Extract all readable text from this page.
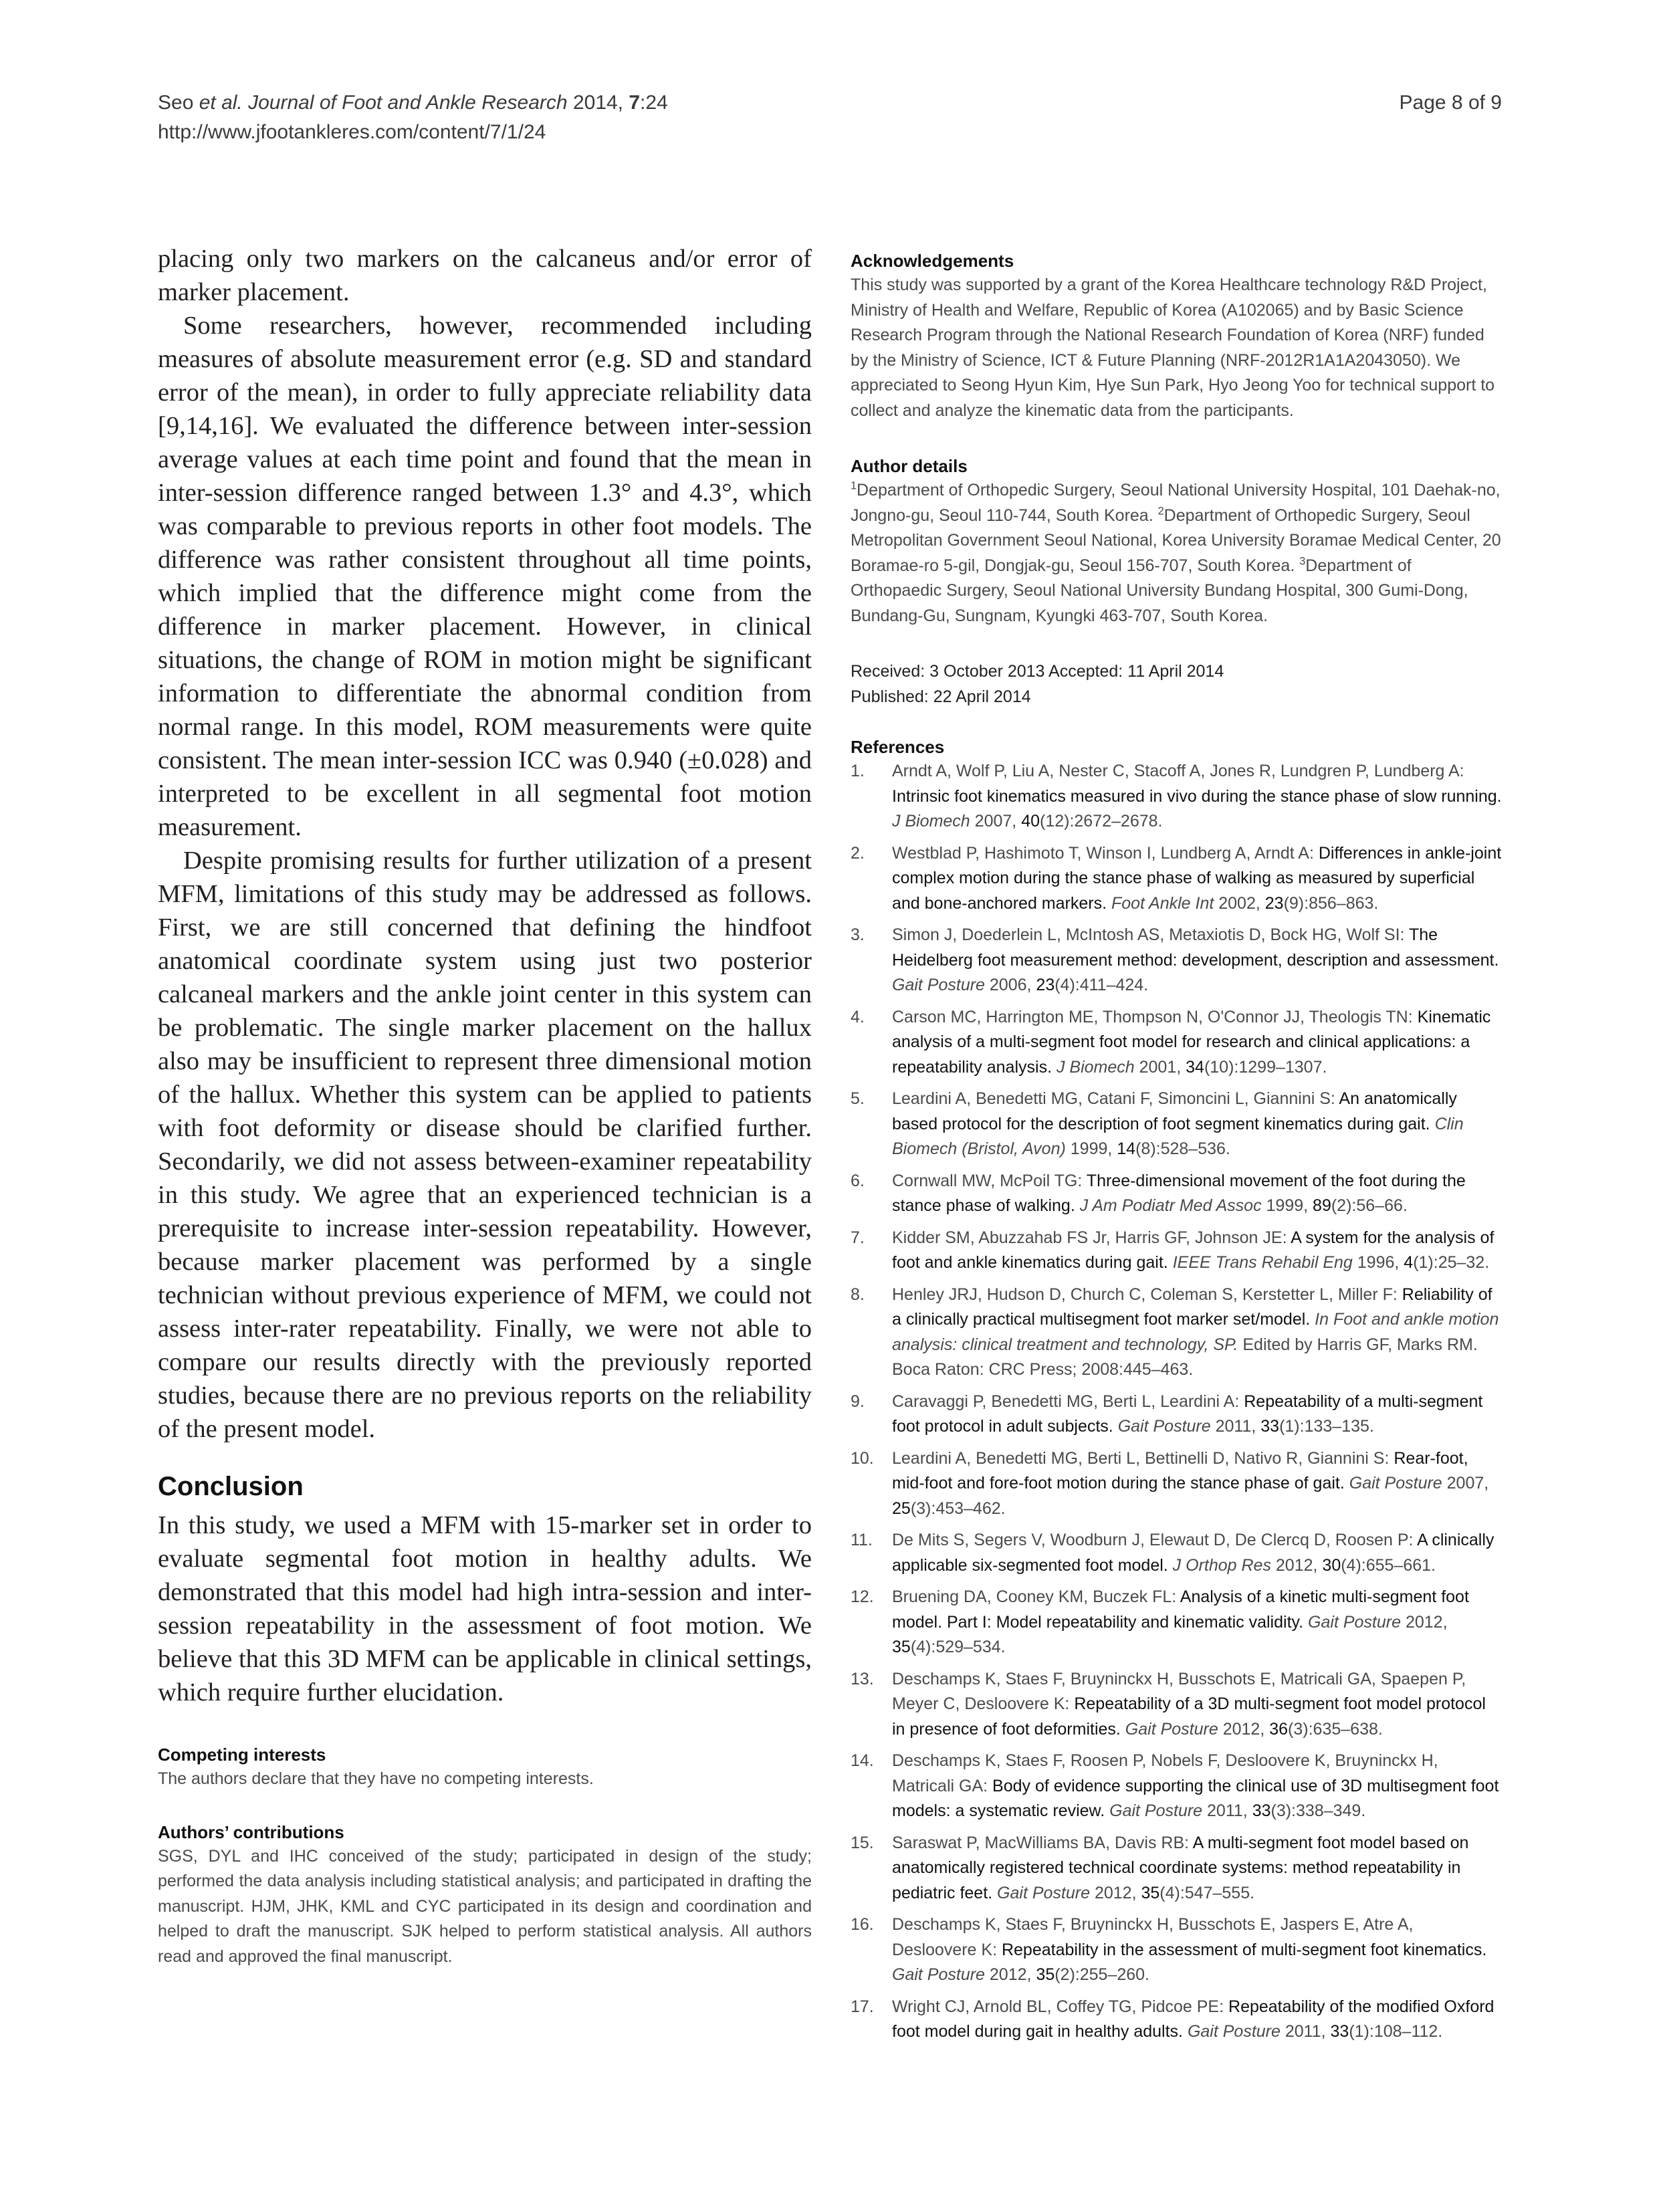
Seo et al. Journal of Foot and Ankle Research 2014, 7:24
http://www.jfootankleres.com/content/7/1/24
Page 8 of 9

placing only two markers on the calcaneus and/or error of marker placement.

Some researchers, however, recommended including measures of absolute measurement error (e.g. SD and standard error of the mean), in order to fully appreciate reliability data [9,14,16]. We evaluated the difference between inter-session average values at each time point and found that the mean in inter-session difference ranged between 1.3° and 4.3°, which was comparable to previous reports in other foot models. The difference was rather consistent throughout all time points, which implied that the difference might come from the difference in marker placement. However, in clinical situations, the change of ROM in motion might be significant information to differentiate the abnormal condition from normal range. In this model, ROM measurements were quite consistent. The mean inter-session ICC was 0.940 (±0.028) and interpreted to be excellent in all segmental foot motion measurement.

Despite promising results for further utilization of a present MFM, limitations of this study may be addressed as follows. First, we are still concerned that defining the hindfoot anatomical coordinate system using just two posterior calcaneal markers and the ankle joint center in this system can be problematic. The single marker placement on the hallux also may be insufficient to represent three dimensional motion of the hallux. Whether this system can be applied to patients with foot deformity or disease should be clarified further. Secondarily, we did not assess between-examiner repeatability in this study. We agree that an experienced technician is a prerequisite to increase inter-session repeatability. However, because marker placement was performed by a single technician without previous experience of MFM, we could not assess inter-rater repeatability. Finally, we were not able to compare our results directly with the previously reported studies, because there are no previous reports on the reliability of the present model.

Conclusion

In this study, we used a MFM with 15-marker set in order to evaluate segmental foot motion in healthy adults. We demonstrated that this model had high intra-session and inter-session repeatability in the assessment of foot motion. We believe that this 3D MFM can be applicable in clinical settings, which require further elucidation.

Competing interests

The authors declare that they have no competing interests.

Authors’ contributions

SGS, DYL and IHC conceived of the study; participated in design of the study; performed the data analysis including statistical analysis; and participated in drafting the manuscript. HJM, JHK, KML and CYC participated in its design and coordination and helped to draft the manuscript. SJK helped to perform statistical analysis. All authors read and approved the final manuscript.

Acknowledgements

This study was supported by a grant of the Korea Healthcare technology R&D Project, Ministry of Health and Welfare, Republic of Korea (A102065) and by Basic Science Research Program through the National Research Foundation of Korea (NRF) funded by the Ministry of Science, ICT & Future Planning (NRF-2012R1A1A2043050). We appreciated to Seong Hyun Kim, Hye Sun Park, Hyo Jeong Yoo for technical support to collect and analyze the kinematic data from the participants.

Author details

$^1$Department of Orthopedic Surgery, Seoul National University Hospital, 101 Daehak-no, Jongno-gu, Seoul 110-744, South Korea. $^2$Department of Orthopedic Surgery, Seoul Metropolitan Government Seoul National, Korea University Boramae Medical Center, 20 Boramae-ro 5-gil, Dongjak-gu, Seoul 156-707, South Korea. $^3$Department of Orthopaedic Surgery, Seoul National University Bundang Hospital, 300 Gumi-Dong, Bundang-Gu, Sungnam, Kyungki 463-707, South Korea.

Received: 3 October 2013 Accepted: 11 April 2014

Published: 22 April 2014

References
1. Arndt A, Wolf P, Liu A, Nester C, Stacoff A, Jones R, Lundgren P, Lundberg A: Intrinsic foot kinematics measured in vivo during the stance phase of slow running. J Biomech 2007, 40(12):2672–2678.
2. Westblad P, Hashimoto T, Winson I, Lundberg A, Arndt A: Differences in ankle-joint complex motion during the stance phase of walking as measured by superficial and bone-anchored markers. Foot Ankle Int 2002, 23(9):856–863.
3. Simon J, Doederlein L, McIntosh AS, Metaxiotis D, Bock HG, Wolf SI: The Heidelberg foot measurement method: development, description and assessment. Gait Posture 2006, 23(4):411–424.
4. Carson MC, Harrington ME, Thompson N, O'Connor JJ, Theologis TN: Kinematic analysis of a multi-segment foot model for research and clinical applications: a repeatability analysis. J Biomech 2001, 34(10):1299–1307.
5. Leardini A, Benedetti MG, Catani F, Simoncini L, Giannini S: An anatomically based protocol for the description of foot segment kinematics during gait. Clin Biomech (Bristol, Avon) 1999, 14(8):528–536.
6. Cornwall MW, McPoil TG: Three-dimensional movement of the foot during the stance phase of walking. J Am Podiatr Med Assoc 1999, 89(2):56–66.
7. Kidder SM, Abuzzahab FS Jr, Harris GF, Johnson JE: A system for the analysis of foot and ankle kinematics during gait. IEEE Trans Rehabil Eng 1996, 4(1):25–32.
8. Henley JRJ, Hudson D, Church C, Coleman S, Kerstetter L, Miller F: Reliability of a clinically practical multisegment foot marker set/model. In Foot and ankle motion analysis: clinical treatment and technology, SP. Edited by Harris GF, Marks RM. Boca Raton: CRC Press; 2008:445–463.
9. Caravaggi P, Benedetti MG, Berti L, Leardini A: Repeatability of a multi-segment foot protocol in adult subjects. Gait Posture 2011, 33(1):133–135.
10. Leardini A, Benedetti MG, Berti L, Bettinelli D, Nativo R, Giannini S: Rear-foot, mid-foot and fore-foot motion during the stance phase of gait. Gait Posture 2007, 25(3):453–462.
11. De Mits S, Segers V, Woodburn J, Elewaut D, De Clercq D, Roosen P: A clinically applicable six-segmented foot model. J Orthop Res 2012, 30(4):655–661.
12. Bruening DA, Cooney KM, Buczek FL: Analysis of a kinetic multi-segment foot model. Part I: Model repeatability and kinematic validity. Gait Posture 2012, 35(4):529–534.
13. Deschamps K, Staes F, Bruyninckx H, Busschots E, Matricali GA, Spaepen P, Meyer C, Desloovere K: Repeatability of a 3D multi-segment foot model protocol in presence of foot deformities. Gait Posture 2012, 36(3):635–638.
14. Deschamps K, Staes F, Roosen P, Nobels F, Desloovere K, Bruyninckx H, Matricali GA: Body of evidence supporting the clinical use of 3D multisegment foot models: a systematic review. Gait Posture 2011, 33(3):338–349.
15. Saraswat P, MacWilliams BA, Davis RB: A multi-segment foot model based on anatomically registered technical coordinate systems: method repeatability in pediatric feet. Gait Posture 2012, 35(4):547–555.
16. Deschamps K, Staes F, Bruyninckx H, Busschots E, Jaspers E, Atre A, Desloovere K: Repeatability in the assessment of multi-segment foot kinematics. Gait Posture 2012, 35(2):255–260.
17. Wright CJ, Arnold BL, Coffey TG, Pidcoe PE: Repeatability of the modified Oxford foot model during gait in healthy adults. Gait Posture 2011, 33(1):108–112.
